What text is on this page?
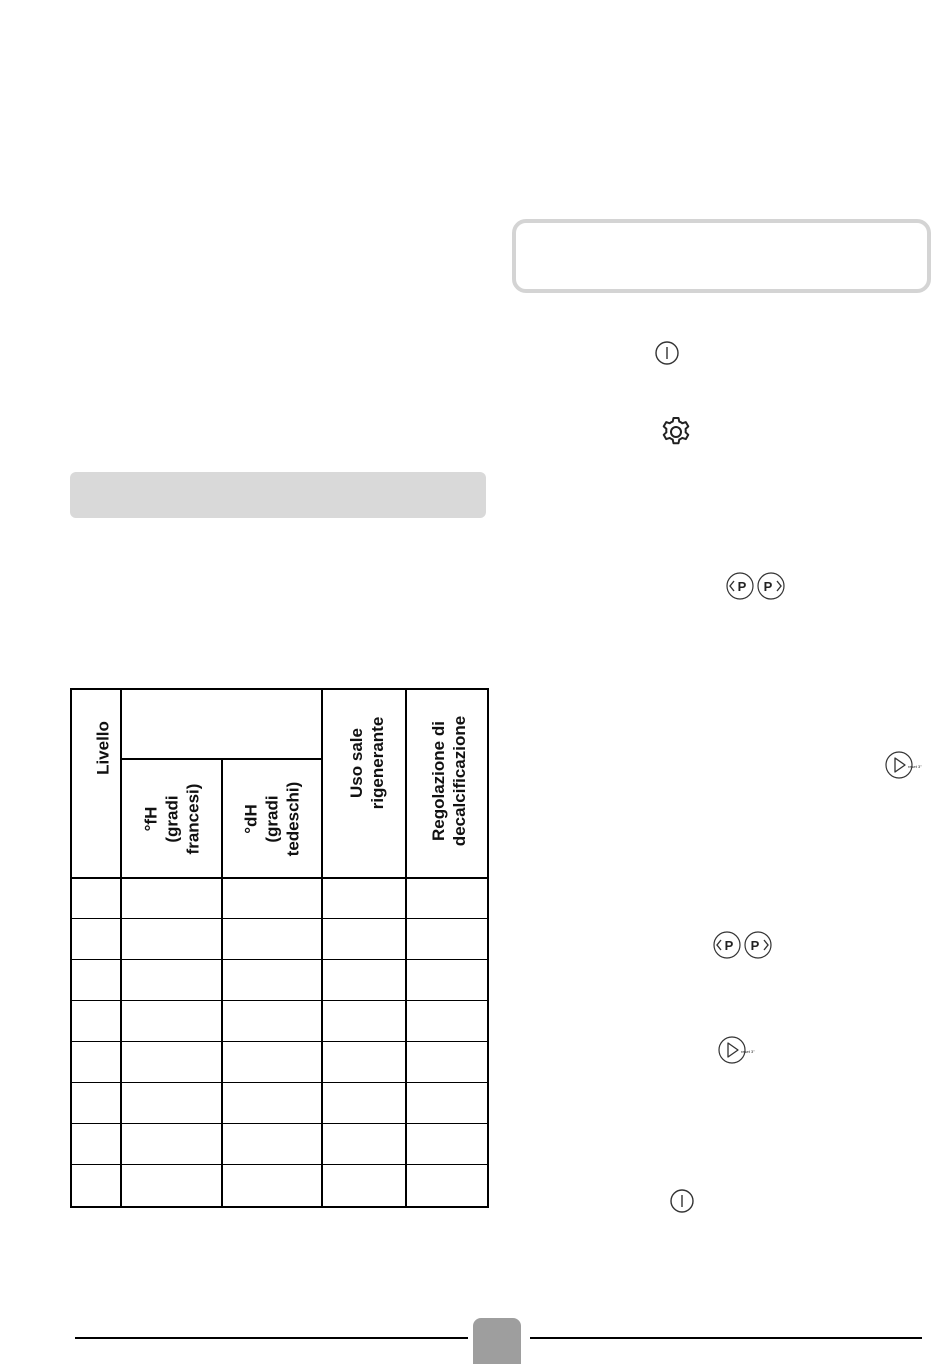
Livello
°fH (gradi francesi) °dH (gradi tedeschi)
Uso sale rigenerante Regolazione di decalcificazione
P P
reset 3"
P P
reset 3"
